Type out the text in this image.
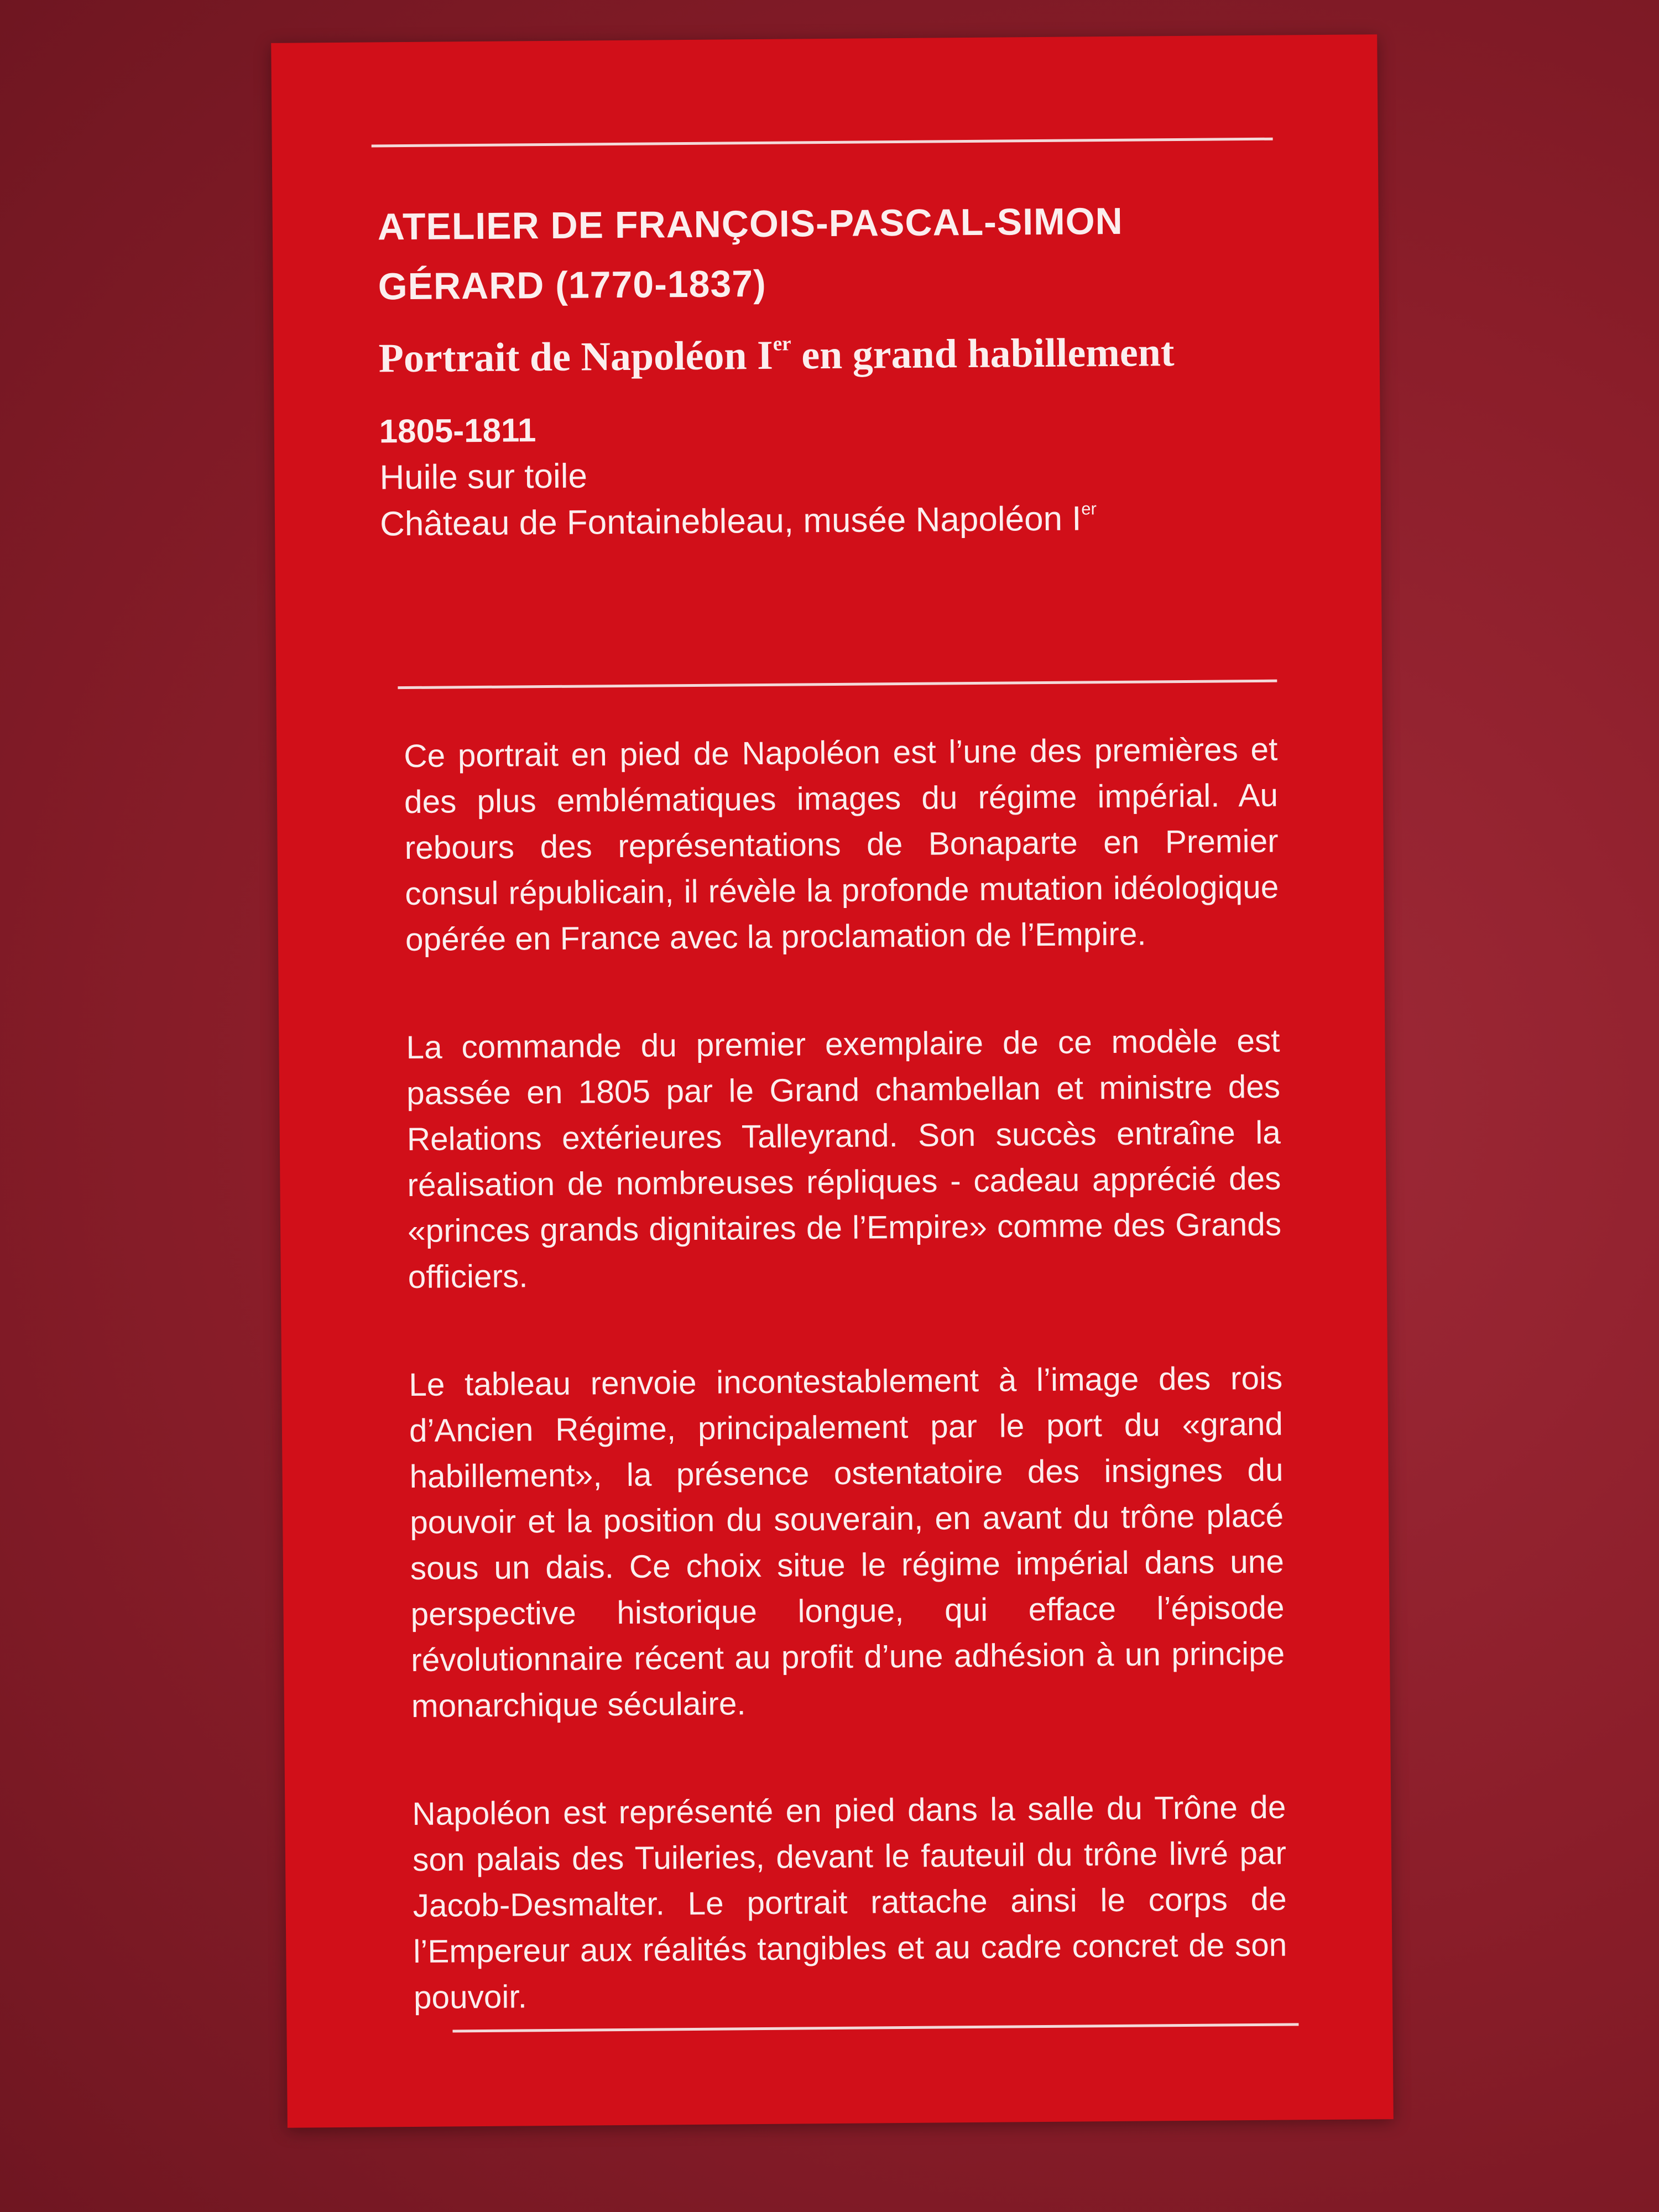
ATELIER DE FRANÇOIS-PASCAL-SIMON
GÉRARD (1770-1837)

Portrait de Napoléon Ier en grand habillement

1805-1811

Huile sur toile

Château de Fontainebleau, musée Napoléon Ier

Ce portrait en pied de Napoléon est l’une des premières et des plus emblématiques images du régime impérial. Au rebours des représentations de Bonaparte en Premier consul républicain, il révèle la profonde mutation idéologique opérée en France avec la proclamation de l’Empire.

La commande du premier exemplaire de ce modèle est passée en 1805 par le Grand chambellan et ministre des Relations extérieures Talleyrand. Son succès entraîne la réalisation de nombreuses répliques - cadeau apprécié des «princes grands dignitaires de l’Empire» comme des Grands officiers.

Le tableau renvoie incontestablement à l’image des rois d’Ancien Régime, principalement par le port du «grand habillement», la présence ostentatoire des insignes du pouvoir et la position du souverain, en avant du trône placé sous un dais. Ce choix situe le régime impérial dans une perspective historique longue, qui efface l’épisode révolutionnaire récent au profit d’une adhésion à un principe monarchique séculaire.

Napoléon est représenté en pied dans la salle du Trône de son palais des Tuileries, devant le fauteuil du trône livré par Jacob-Desmalter. Le portrait rattache ainsi le corps de l’Empereur aux réalités tangibles et au cadre concret de son pouvoir.
